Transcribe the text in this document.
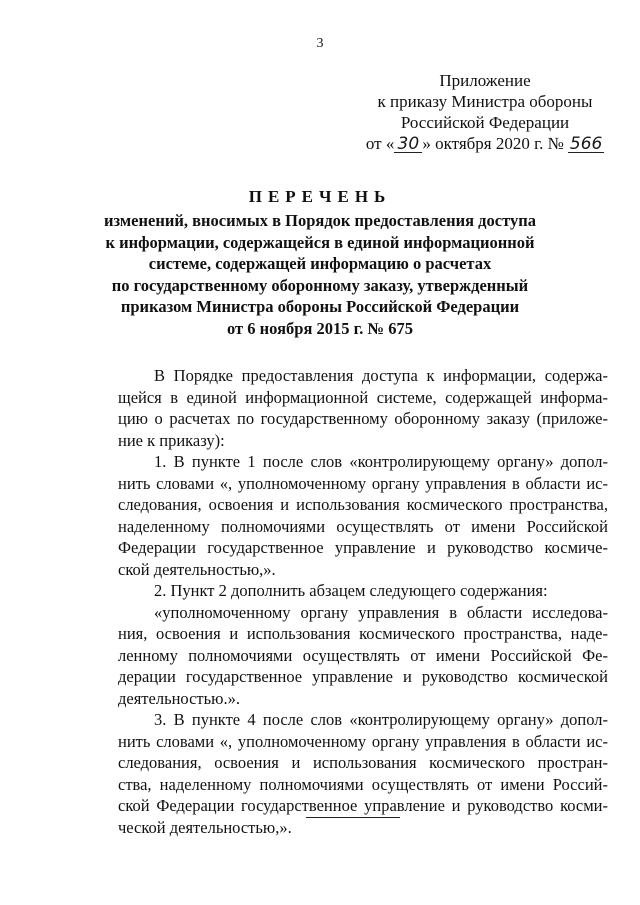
3
Приложение
к приказу Министра обороны
Российской Федерации
от « 30 » октября 2020 г. № 566
ПЕРЕЧЕНЬ
изменений, вносимых в Порядок предоставления доступа
к информации, содержащейся в единой информационной
системе, содержащей информацию о расчетах
по государственному оборонному заказу, утвержденный
приказом Министра обороны Российской Федерации
от 6 ноября 2015 г. № 675

В Порядке предоставления доступа к информации, содержа-
щейся в единой информационной системе, содержащей информа-
цию о расчетах по государственному оборонному заказу (приложе-
ние к приказу):

1. В пункте 1 после слов «контролирующему органу» допол-
нить словами «, уполномоченному органу управления в области ис-
следования, освоения и использования космического пространства,
наделенному полномочиями осуществлять от имени Российской
Федерации государственное управление и руководство космиче-
ской деятельностью,».

2. Пункт 2 дополнить абзацем следующего содержания:

«уполномоченному органу управления в области исследова-
ния, освоения и использования космического пространства, наде-
ленному полномочиями осуществлять от имени Российской Фе-
дерации государственное управление и руководство космической
деятельностью.».

3. В пункте 4 после слов «контролирующему органу» допол-
нить словами «, уполномоченному органу управления в области ис-
следования, освоения и использования космического простран-
ства, наделенному полномочиями осуществлять от имени Россий-
ской Федерации государственное управление и руководство косми-
ческой деятельностью,».
